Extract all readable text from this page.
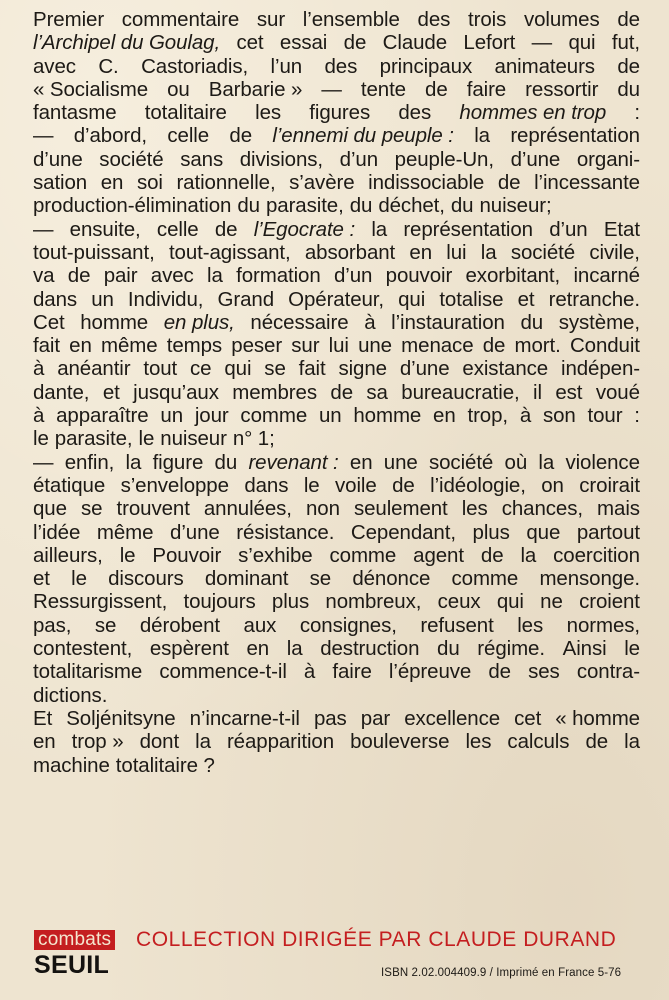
Premier commentaire sur l’ensemble des trois volumes de
l’Archipel du Goulag, cet essai de Claude Lefort — qui fut,
avec C. Castoriadis, l’un des principaux animateurs de
« Socialisme ou Barbarie » — tente de faire ressortir du
fantasme totalitaire les figures des hommes en trop :
— d’abord, celle de l’ennemi du peuple : la représentation
d’une société sans divisions, d’un peuple-Un, d’une organi-
sation en soi rationnelle, s’avère indissociable de l’incessante
production-élimination du parasite, du déchet, du nuiseur;
— ensuite, celle de l’Egocrate : la représentation d’un Etat
tout-puissant, tout-agissant, absorbant en lui la société civile,
va de pair avec la formation d’un pouvoir exorbitant, incarné
dans un Individu, Grand Opérateur, qui totalise et retranche.
Cet homme en plus, nécessaire à l’instauration du système,
fait en même temps peser sur lui une menace de mort. Conduit
à anéantir tout ce qui se fait signe d’une existance indépen-
dante, et jusqu’aux membres de sa bureaucratie, il est voué
à apparaître un jour comme un homme en trop, à son tour :
le parasite, le nuiseur n° 1;
— enfin, la figure du revenant : en une société où la violence
étatique s’enveloppe dans le voile de l’idéologie, on croirait
que se trouvent annulées, non seulement les chances, mais
l’idée même d’une résistance. Cependant, plus que partout
ailleurs, le Pouvoir s’exhibe comme agent de la coercition
et le discours dominant se dénonce comme mensonge.
Ressurgissent, toujours plus nombreux, ceux qui ne croient
pas, se dérobent aux consignes, refusent les normes,
contestent, espèrent en la destruction du régime. Ainsi le
totalitarisme commence-t-il à faire l’épreuve de ses contra-
dictions.
Et Soljénitsyne n’incarne-t-il pas par excellence cet « homme
en trop » dont la réapparition bouleverse les calculs de la
machine totalitaire ?
combats
SEUIL
COLLECTION DIRIGÉE PAR CLAUDE DURAND
ISBN 2.02.004409.9 / Imprimé en France 5-76
